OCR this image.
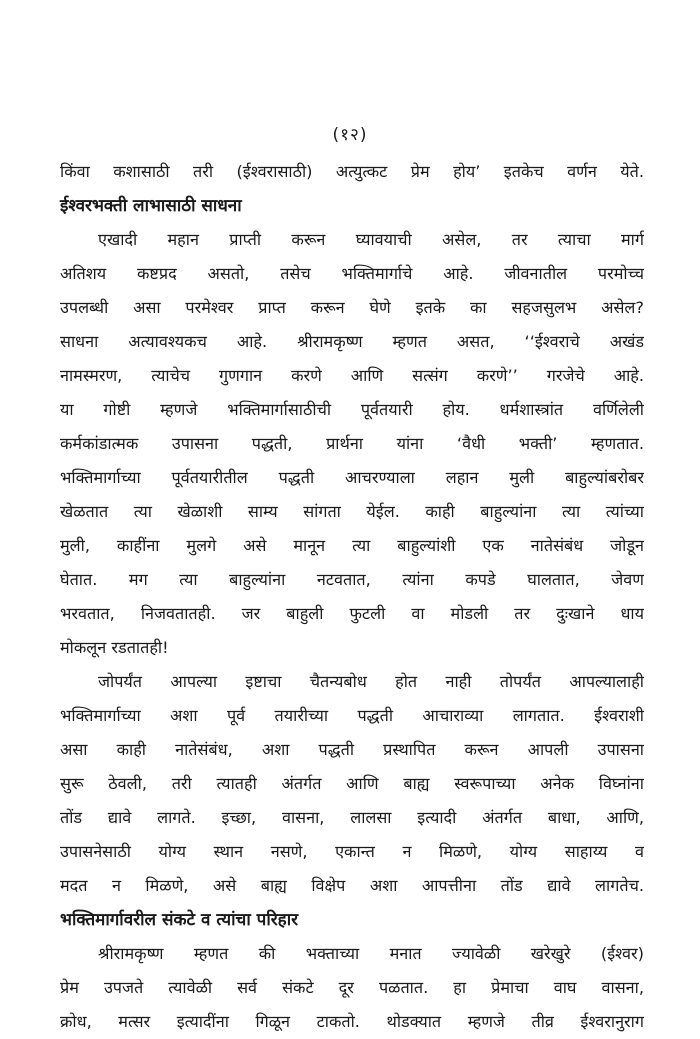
(१२)
किंवा कशासाठी तरी (ईश्वरासाठी) अत्युत्कट प्रेम होय’ इतकेच वर्णन येते.
ईश्वरभक्ती लाभासाठी साधना
एखादी महान प्राप्ती करून घ्यावयाची असेल, तर त्याचा मार्ग
अतिशय कष्टप्रद असतो, तसेच भक्तिमार्गाचे आहे. जीवनातील परमोच्च
उपलब्धी असा परमेश्वर प्राप्त करून घेणे इतके का सहजसुलभ असेल?
साधना अत्यावश्यकच आहे. श्रीरामकृष्ण म्हणत असत, ‘‘ईश्वराचे अखंड
नामस्मरण, त्याचेच गुणगान करणे आणि सत्संग करणे’’ गरजेचे आहे.
या गोष्टी म्हणजे भक्तिमार्गासाठीची पूर्वतयारी होय. धर्मशास्त्रांत वर्णिलेली
कर्मकांडात्मक उपासना पद्धती, प्रार्थना यांना ‘वैधी भक्ती’ म्हणतात.
भक्तिमार्गाच्या पूर्वतयारीतील पद्धती आचरण्याला लहान मुली बाहुल्यांबरोबर
खेळतात त्या खेळाशी साम्य सांगता येईल. काही बाहुल्यांना त्या त्यांच्या
मुली, काहींना मुलगे असे मानून त्या बाहुल्यांशी एक नातेसंबंध जोडून
घेतात. मग त्या बाहुल्यांना नटवतात, त्यांना कपडे घालतात, जेवण
भरवतात, निजवतातही. जर बाहुली फुटली वा मोडली तर दुःखाने धाय
मोकलून रडतातही!
जोपर्यंत आपल्या इष्टाचा चैतन्यबोध होत नाही तोपर्यंत आपल्यालाही
भक्तिमार्गाच्या अशा पूर्व तयारीच्या पद्धती आचाराव्या लागतात. ईश्वराशी
असा काही नातेसंबंध, अशा पद्धती प्रस्थापित करून आपली उपासना
सुरू ठेवली, तरी त्यातही अंतर्गत आणि बाह्य स्वरूपाच्या अनेक विघ्नांना
तोंड द्यावे लागते. इच्छा, वासना, लालसा इत्यादी अंतर्गत बाधा, आणि,
उपासनेसाठी योग्य स्थान नसणे, एकान्त न मिळणे, योग्य साहाय्य व
मदत न मिळणे, असे बाह्य विक्षेप अशा आपत्तीना तोंड द्यावे लागतेच.
भक्तिमार्गावरील संकटे व त्यांचा परिहार
श्रीरामकृष्ण म्हणत की भक्ताच्या मनात ज्यावेळी खरेखुरे (ईश्वर)
प्रेम उपजते त्यावेळी सर्व संकटे दूर पळतात. हा प्रेमाचा वाघ वासना,
क्रोध, मत्सर इत्यादींना गिळून टाकतो. थोडक्यात म्हणजे तीव्र ईश्वरानुराग
